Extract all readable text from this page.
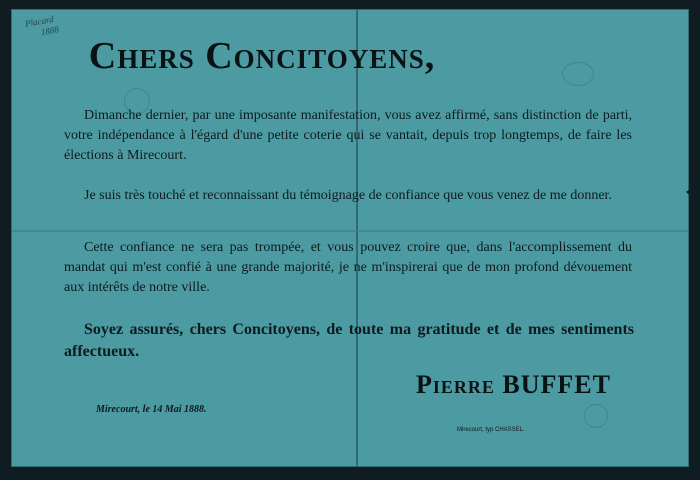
Placard
1888
Chers Concitoyens,
Dimanche dernier, par une imposante manifestation, vous avez affirmé, sans distinction de parti, votre indépendance à l'égard d'une petite coterie qui se vantait, depuis trop longtemps, de faire les élections à Mirecourt.
Je suis très touché et reconnaissant du témoignage de confiance que vous venez de me donner.
Cette confiance ne sera pas trompée, et vous pouvez croire que, dans l'accomplissement du mandat qui m'est confié à une grande majorité, je ne m'inspirerai que de mon profond dévouement aux intérêts de notre ville.
Soyez assurés, chers Concitoyens, de toute ma gratitude et de mes sentiments affectueux.
Mirecourt, le 14 Mai 1888.
Pierre BUFFET
Mirecourt, typ CHASSEL.
